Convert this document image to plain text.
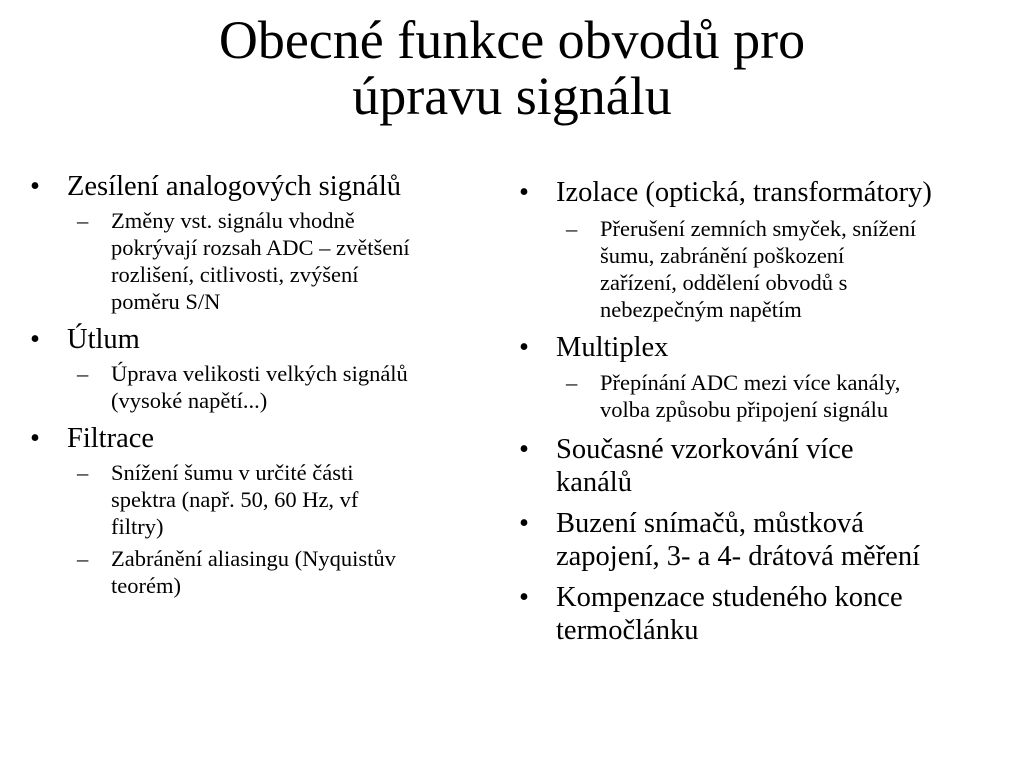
Obecné funkce obvodů pro
úpravu signálu
• Zesílení analogových signálů
– Změny vst. signálu vhodně
pokrývají rozsah ADC – zvětšení
rozlišení, citlivosti, zvýšení
poměru S/N
• Útlum
– Úprava velikosti velkých signálů
(vysoké napětí...)
• Filtrace
– Snížení šumu v určité části
spektra (např. 50, 60 Hz, vf
filtry)
– Zabránění aliasingu (Nyquistův
teorém)
• Izolace (optická, transformátory)
– Přerušení zemních smyček, snížení
šumu, zabránění poškození
zařízení, oddělení obvodů s
nebezpečným napětím
• Multiplex
– Přepínání ADC mezi více kanály,
volba způsobu připojení signálu
• Současné vzorkování více
kanálů
• Buzení snímačů, můstková
zapojení, 3- a 4- drátová měření
• Kompenzace studeného konce
termočlánku
